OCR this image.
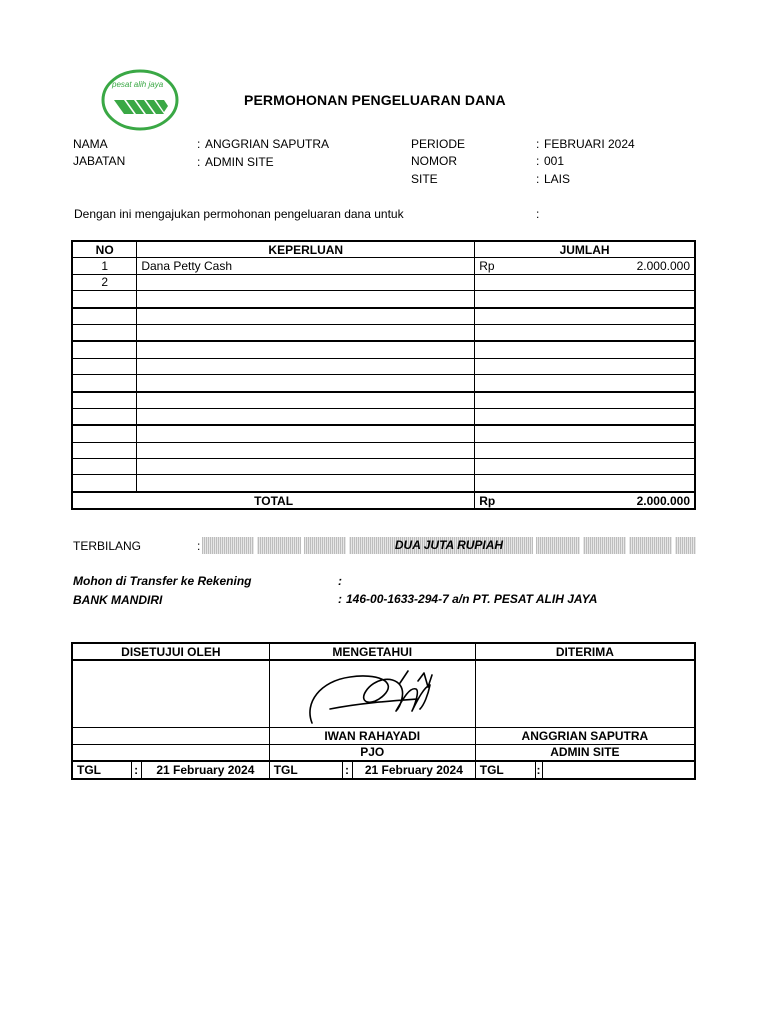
pesat alih jaya
PERMOHONAN PENGELUARAN DANA
NAMA	: ANGGRIAN SAPUTRA
JABATAN	: ADMIN SITE
PERIODE	: FEBRUARI 2024
NOMOR	: 001
SITE	: LAIS
Dengan ini mengajukan permohonan pengeluaran dana untuk	:
NO	KEPERLUAN	JUMLAH
1	Dana Petty Cash	Rp 2.000.000

2		

TOTAL		Rp 2.000.000
TERBILANG	:	DUA JUTA RUPIAH
Mohon di Transfer ke Rekening	:
BANK MANDIRI	: 146-00-1633-294-7 a/n PT. PESAT ALIH JAYA
DISETUJUI OLEH			MENGETAHUI			DITERIMA		

			IWAN RAHAYADI			ANGGRIAN SAPUTRA		
			PJO			ADMIN SITE		
TGL	:	21 February 2024	TGL	:	21 February 2024	TGL	:	
